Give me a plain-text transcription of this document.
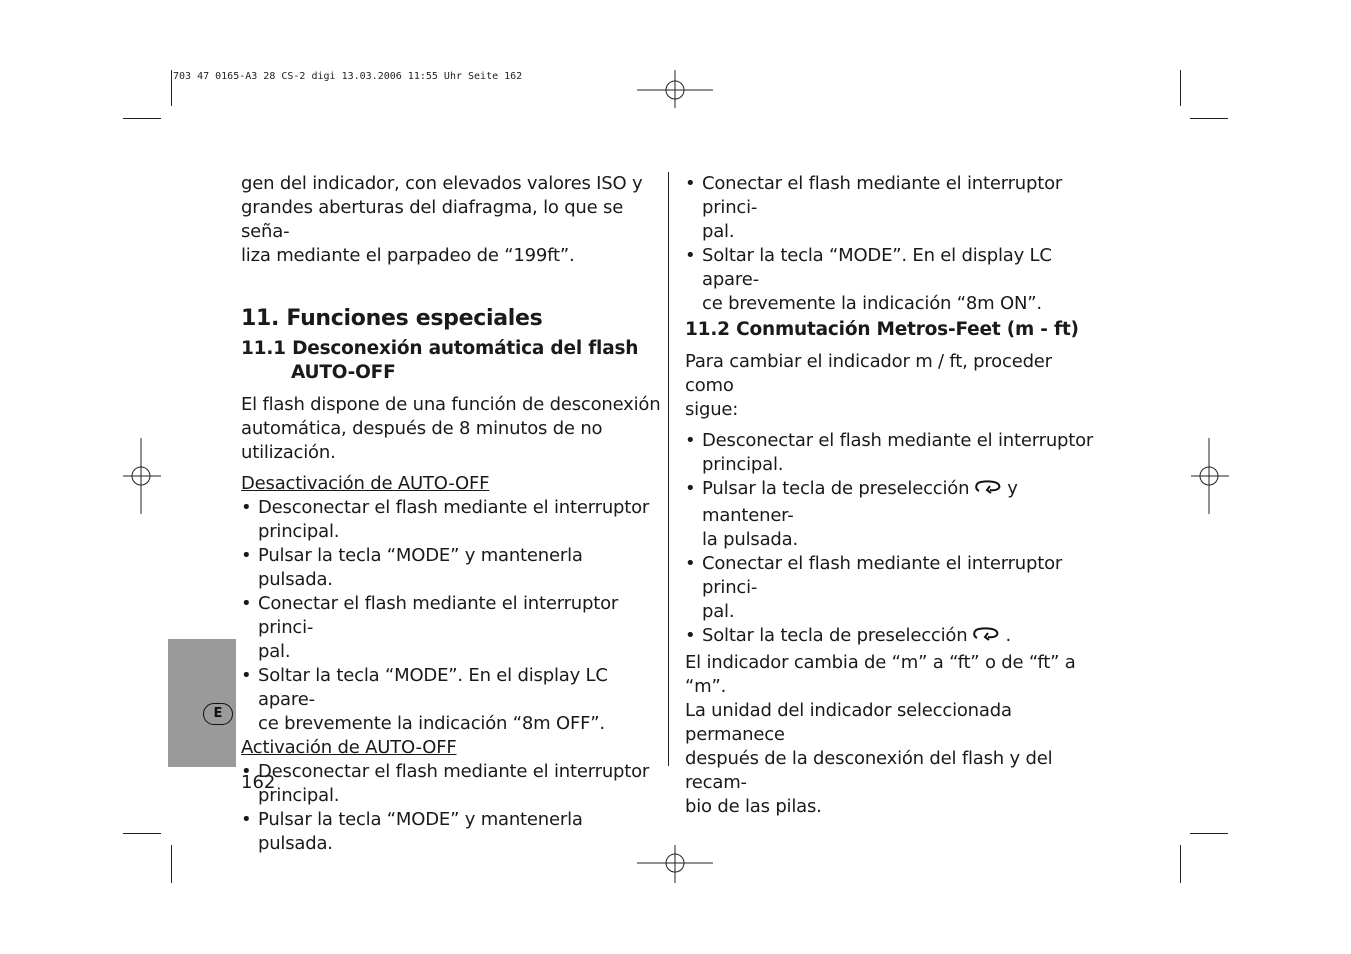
703 47 0165-A3 28 CS-2 digi 13.03.2006 11:55 Uhr Seite 162
E

gen del indicador, con elevados valores ISO y
grandes aberturas del diafragma, lo que se seña-
liza mediante el parpadeo de “199ft”.

11. Funciones especiales
11.1 Desconexión automática del flash
AUTO-OFF

El flash dispone de una función de desconexión
automática, después de 8 minutos de no utilización.

Desactivación de AUTO-OFF

• Desconectar el flash mediante el interruptor
principal.

• Pulsar la tecla “MODE” y mantenerla pulsada.

• Conectar el flash mediante el interruptor princi-
pal.

• Soltar la tecla “MODE”. En el display LC apare-
ce brevemente la indicación “8m OFF”.

Activación de AUTO-OFF

• Desconectar el flash mediante el interruptor
principal.

• Pulsar la tecla “MODE” y mantenerla pulsada.

• Conectar el flash mediante el interruptor princi-
pal.

• Soltar la tecla “MODE”. En el display LC apare-
ce brevemente la indicación “8m ON”.

11.2 Conmutación Metros-Feet (m - ft)

Para cambiar el indicador m / ft, proceder como
sigue:

• Desconectar el flash mediante el interruptor
principal.

• Pulsar la tecla de preselección y mantener-
la pulsada.

• Conectar el flash mediante el interruptor princi-
pal.

• Soltar la tecla de preselección .

El indicador cambia de “m” a “ft” o de “ft” a “m”.
La unidad del indicador seleccionada permanece
después de la desconexión del flash y del recam-
bio de las pilas.

162
